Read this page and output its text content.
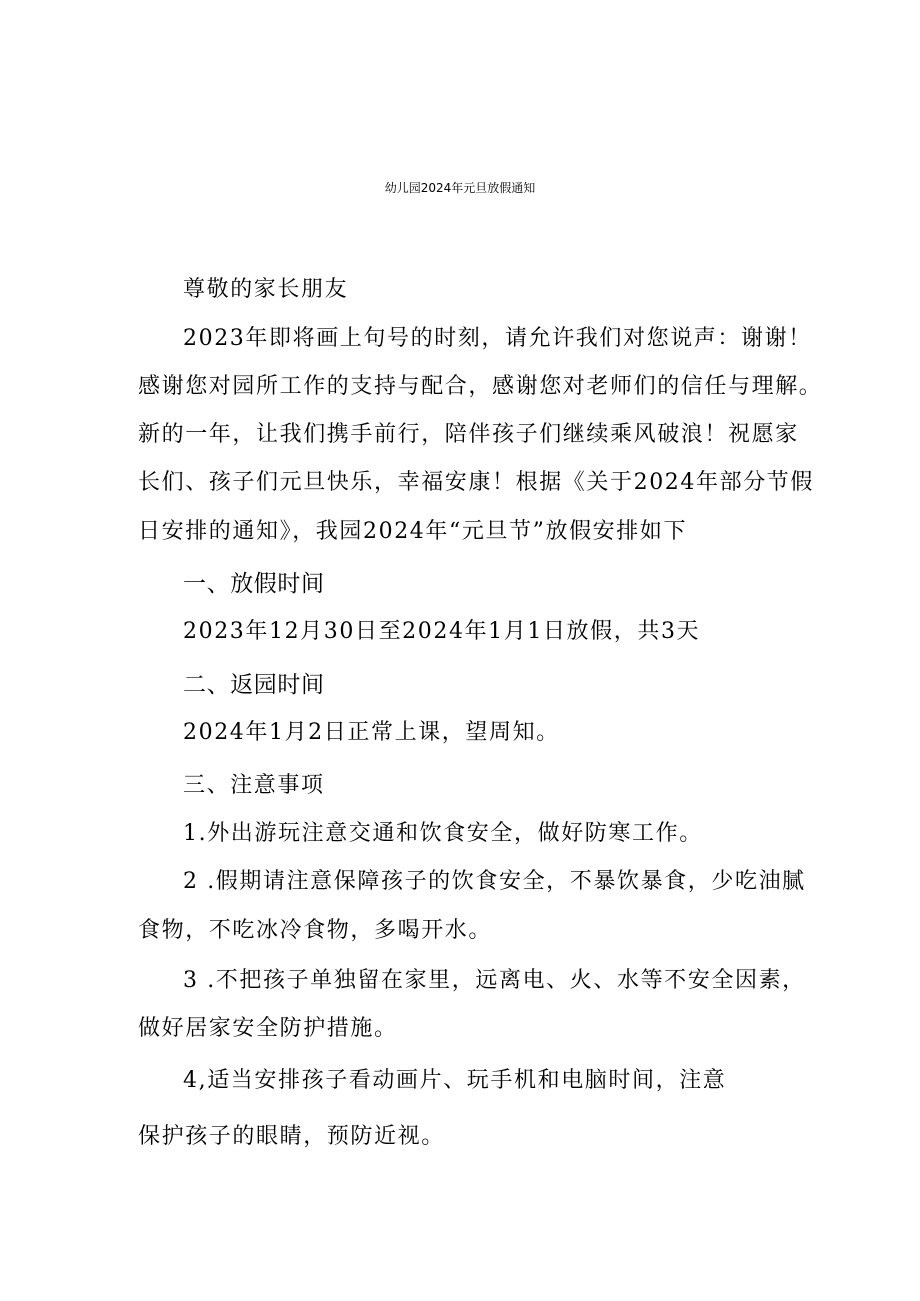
幼儿园2024年元旦放假通知
尊敬的家长朋友
2023年即将画上句号的时刻，请允许我们对您说声：谢谢！
感谢您对园所工作的支持与配合，感谢您对老师们的信任与理解。
新的一年，让我们携手前行，陪伴孩子们继续乘风破浪！祝愿家
长们、孩子们元旦快乐，幸福安康！根据《关于2024年部分节假
日安排的通知》，我园2024年“元旦节”放假安排如下
一、放假时间
2023年12月30日至2024年1月1日放假，共3天
二、返园时间
2024年1月2日正常上课，望周知。
三、注意事项
1.外出游玩注意交通和饮食安全，做好防寒工作。
2 .假期请注意保障孩子的饮食安全，不暴饮暴食，少吃油腻
食物，不吃冰冷食物，多喝开水。
3 .不把孩子单独留在家里，远离电、火、水等不安全因素，
做好居家安全防护措施。
4,适当安排孩子看动画片、玩手机和电脑时间，注意
保护孩子的眼睛，预防近视。
